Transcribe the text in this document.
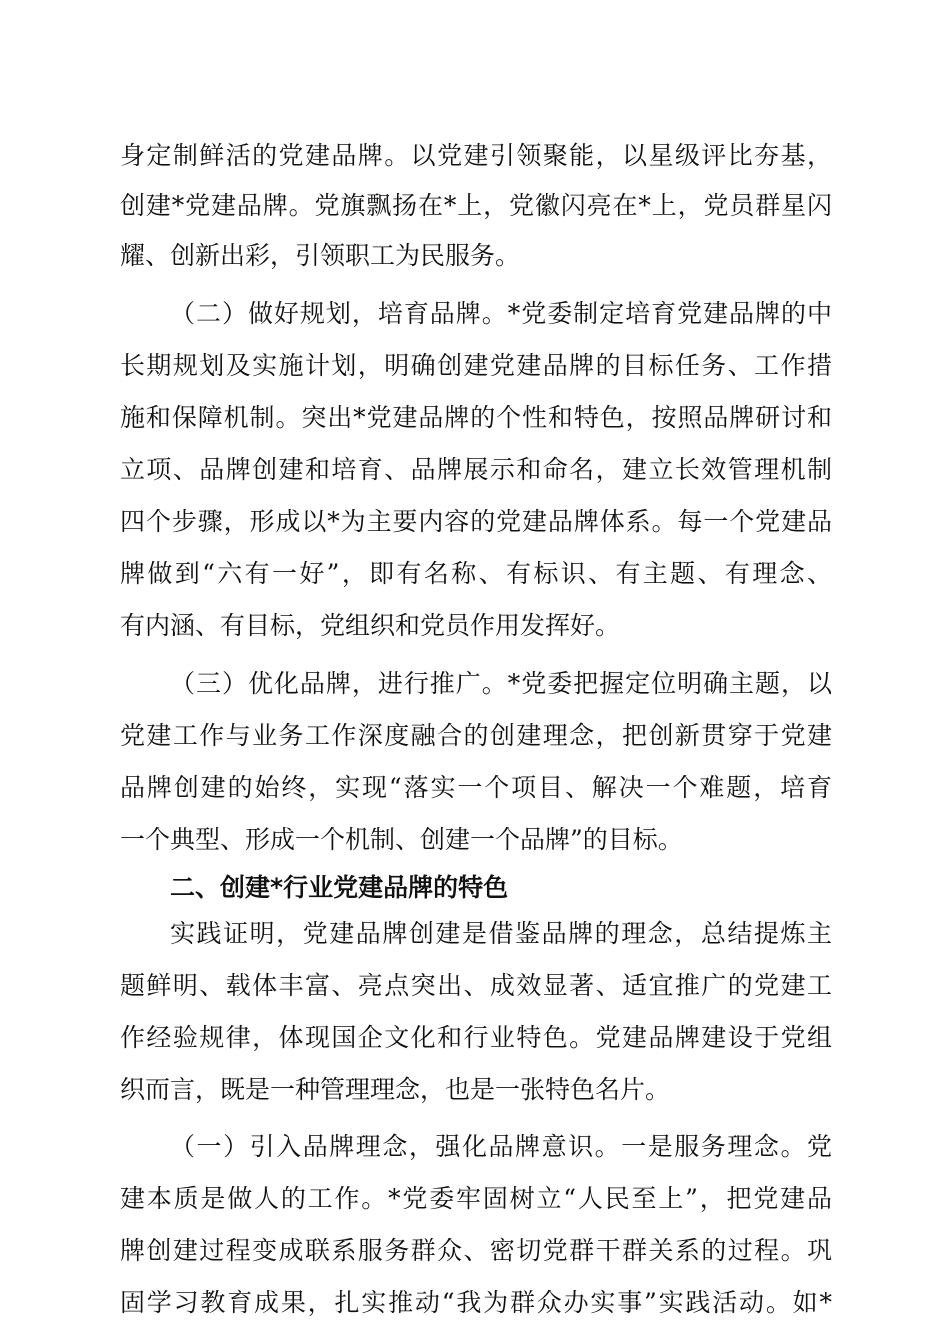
身定制鲜活的党建品牌。以党建引领聚能，以星级评比夯基，
创建*党建品牌。党旗飘扬在*上，党徽闪亮在*上，党员群星闪
耀、创新出彩，引领职工为民服务。
（二）做好规划，培育品牌。*党委制定培育党建品牌的中
长期规划及实施计划，明确创建党建品牌的目标任务、工作措
施和保障机制。突出*党建品牌的个性和特色，按照品牌研讨和
立项、品牌创建和培育、品牌展示和命名，建立长效管理机制
四个步骤，形成以*为主要内容的党建品牌体系。每一个党建品
牌做到“六有一好”，即有名称、有标识、有主题、有理念、
有内涵、有目标，党组织和党员作用发挥好。
（三）优化品牌，进行推广。*党委把握定位明确主题，以
党建工作与业务工作深度融合的创建理念，把创新贯穿于党建
品牌创建的始终，实现“落实一个项目、解决一个难题，培育
一个典型、形成一个机制、创建一个品牌”的目标。
二、创建*行业党建品牌的特色
实践证明，党建品牌创建是借鉴品牌的理念，总结提炼主
题鲜明、载体丰富、亮点突出、成效显著、适宜推广的党建工
作经验规律，体现国企文化和行业特色。党建品牌建设于党组
织而言，既是一种管理理念，也是一张特色名片。
（一）引入品牌理念，强化品牌意识。一是服务理念。党
建本质是做人的工作。*党委牢固树立“人民至上”，把党建品
牌创建过程变成联系服务群众、密切党群干群关系的过程。巩
固学习教育成果，扎实推动“我为群众办实事”实践活动。如*
